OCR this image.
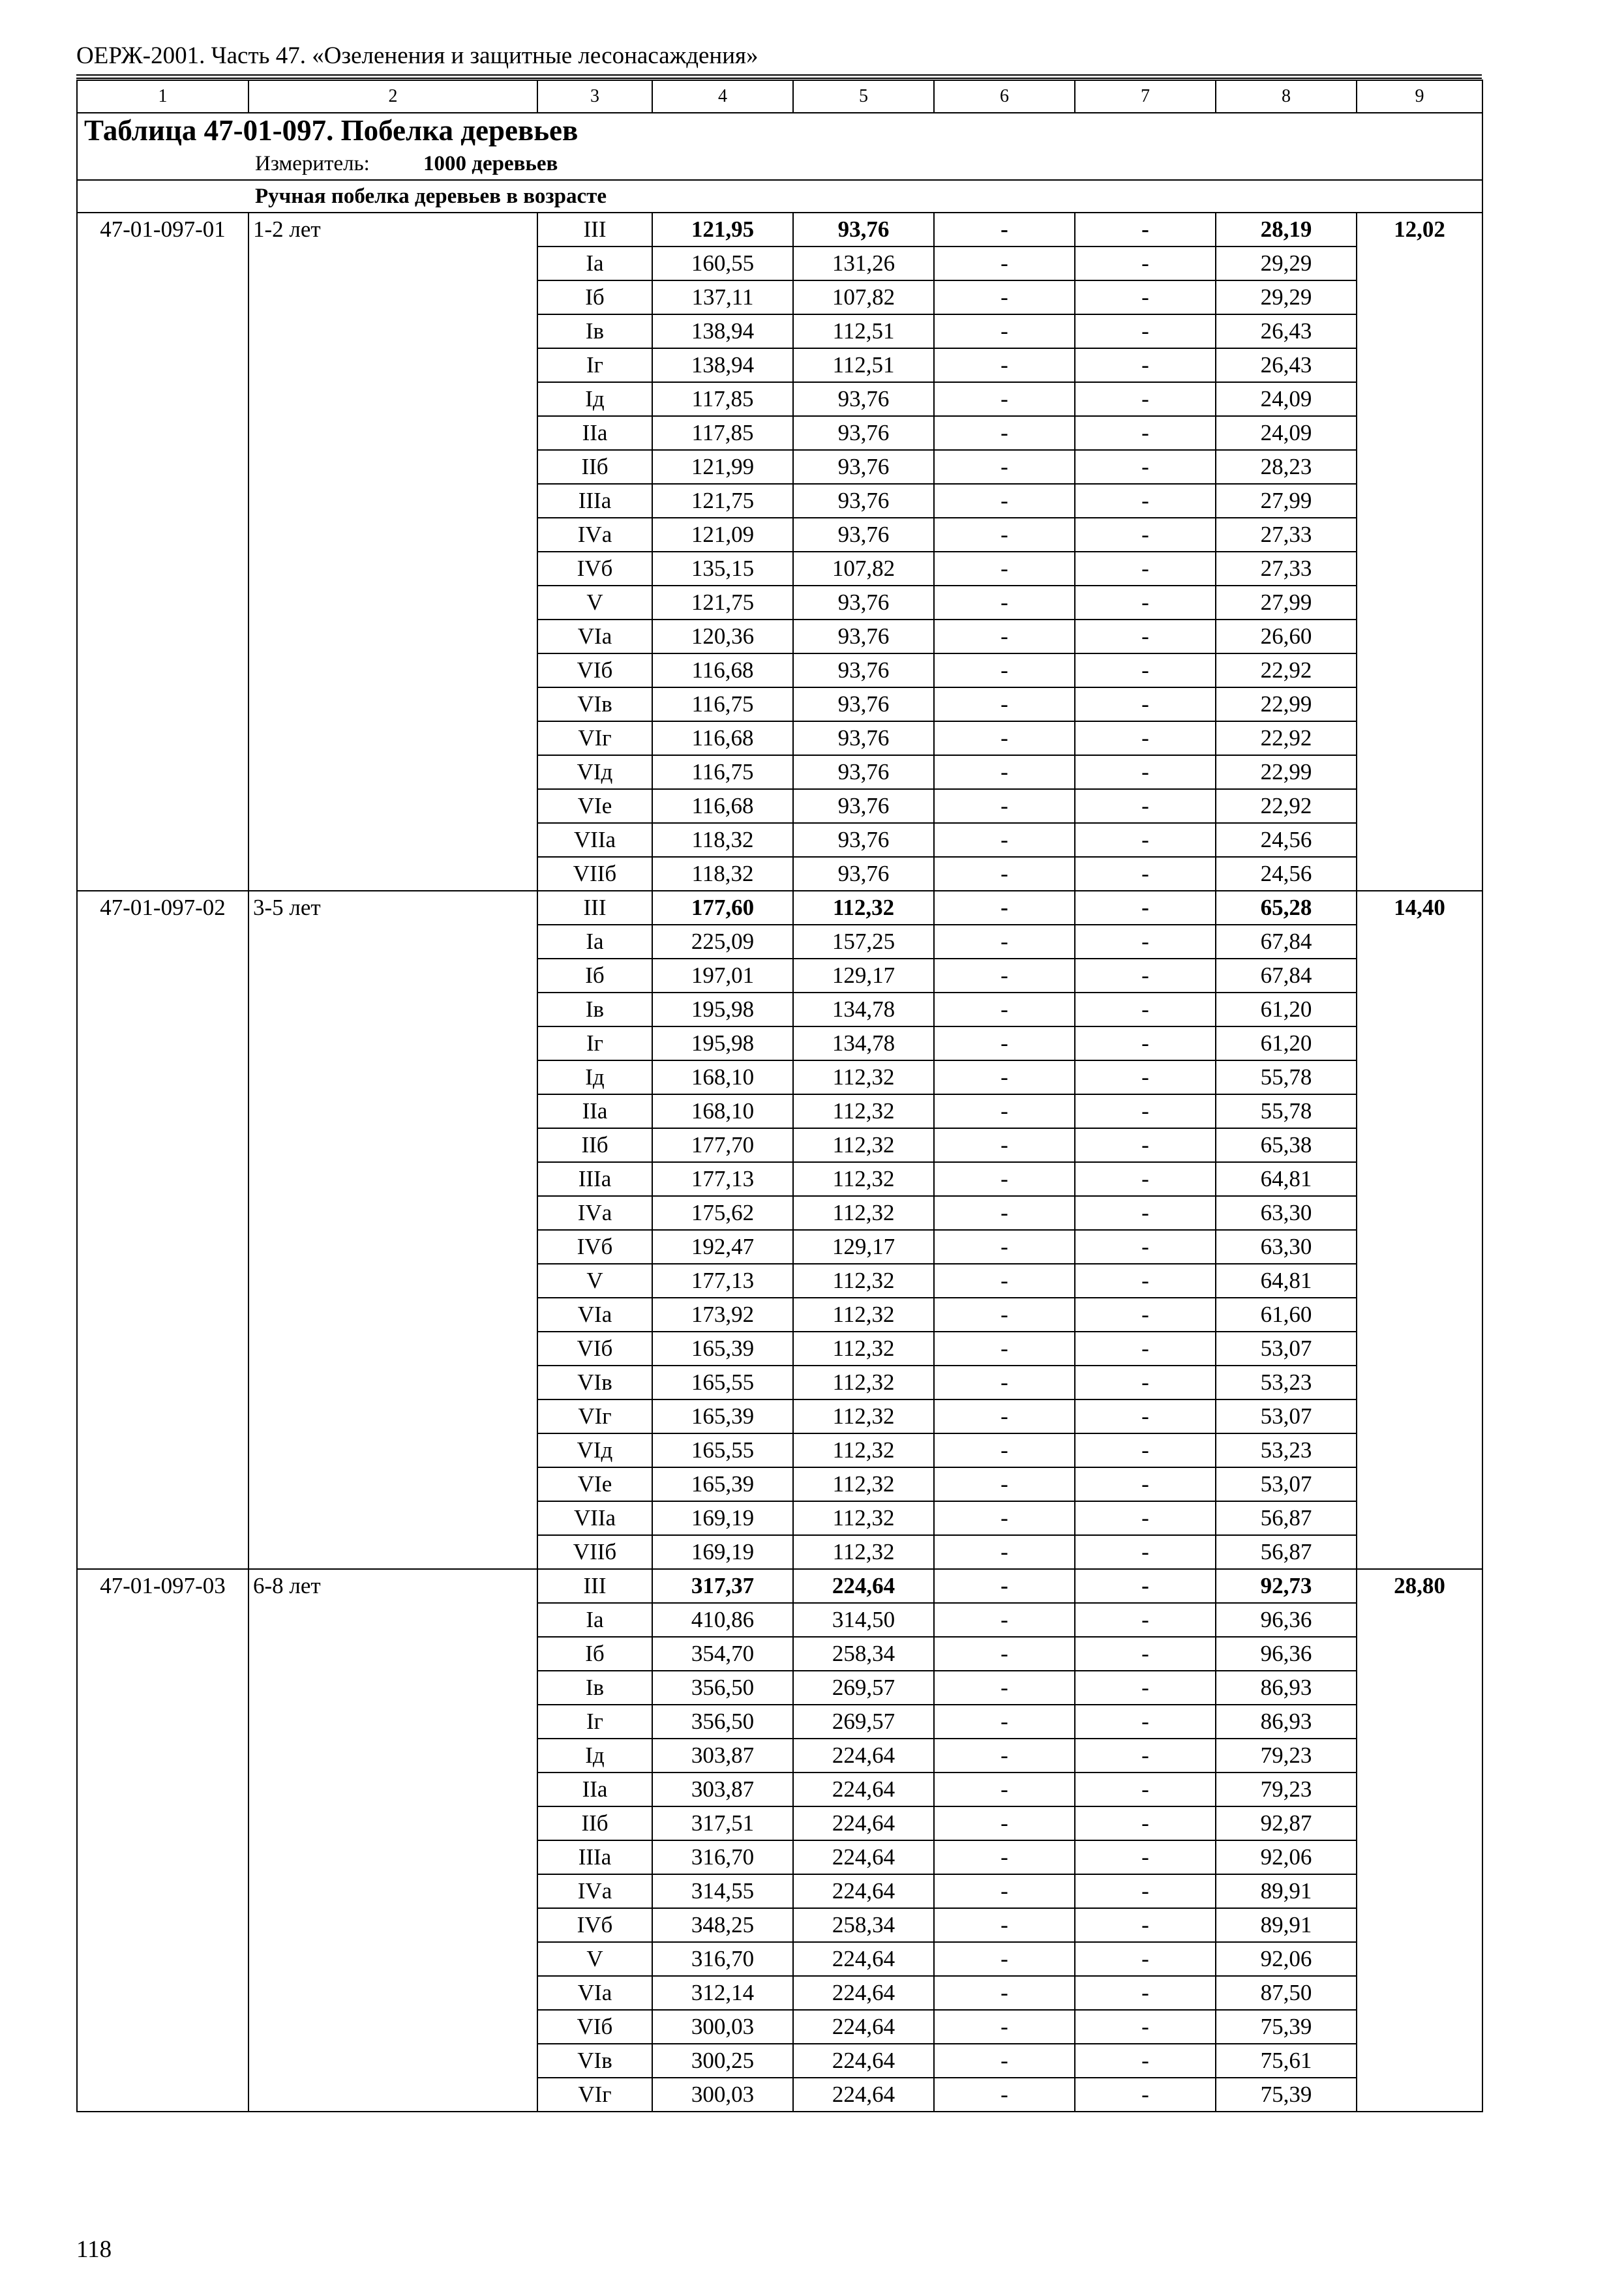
ОЕРЖ-2001. Часть 47. «Озеленения и защитные лесонасаждения»
1	2	3	4	5	6	7	8	9
Таблица 47-01-097. Побелка деревьев								
Измеритель: 1000 деревьев								
Ручная побелка деревьев в возрасте								
47-01-097-01	1-2 лет	III	121,95	93,76	-	-	28,19	12,02
		Iа	160,55	131,26	-	-	29,29	
		Iб	137,11	107,82	-	-	29,29	
		Iв	138,94	112,51	-	-	26,43	
		Iг	138,94	112,51	-	-	26,43	
		Iд	117,85	93,76	-	-	24,09	
		IIа	117,85	93,76	-	-	24,09	
		IIб	121,99	93,76	-	-	28,23	
		IIIа	121,75	93,76	-	-	27,99	
		IVа	121,09	93,76	-	-	27,33	
		IVб	135,15	107,82	-	-	27,33	
		V	121,75	93,76	-	-	27,99	
		VIа	120,36	93,76	-	-	26,60	
		VIб	116,68	93,76	-	-	22,92	
		VIв	116,75	93,76	-	-	22,99	
		VIг	116,68	93,76	-	-	22,92	
		VIд	116,75	93,76	-	-	22,99	
		VIе	116,68	93,76	-	-	22,92	
		VIIа	118,32	93,76	-	-	24,56	
		VIIб	118,32	93,76	-	-	24,56	
47-01-097-02	3-5 лет	III	177,60	112,32	-	-	65,28	14,40
		Iа	225,09	157,25	-	-	67,84	
		Iб	197,01	129,17	-	-	67,84	
		Iв	195,98	134,78	-	-	61,20	
		Iг	195,98	134,78	-	-	61,20	
		Iд	168,10	112,32	-	-	55,78	
		IIа	168,10	112,32	-	-	55,78	
		IIб	177,70	112,32	-	-	65,38	
		IIIа	177,13	112,32	-	-	64,81	
		IVа	175,62	112,32	-	-	63,30	
		IVб	192,47	129,17	-	-	63,30	
		V	177,13	112,32	-	-	64,81	
		VIа	173,92	112,32	-	-	61,60	
		VIб	165,39	112,32	-	-	53,07	
		VIв	165,55	112,32	-	-	53,23	
		VIг	165,39	112,32	-	-	53,07	
		VIд	165,55	112,32	-	-	53,23	
		VIе	165,39	112,32	-	-	53,07	
		VIIа	169,19	112,32	-	-	56,87	
		VIIб	169,19	112,32	-	-	56,87	
47-01-097-03	6-8 лет	III	317,37	224,64	-	-	92,73	28,80
		Iа	410,86	314,50	-	-	96,36	
		Iб	354,70	258,34	-	-	96,36	
		Iв	356,50	269,57	-	-	86,93	
		Iг	356,50	269,57	-	-	86,93	
		Iд	303,87	224,64	-	-	79,23	
		IIа	303,87	224,64	-	-	79,23	
		IIб	317,51	224,64	-	-	92,87	
		IIIа	316,70	224,64	-	-	92,06	
		IVа	314,55	224,64	-	-	89,91	
		IVб	348,25	258,34	-	-	89,91	
		V	316,70	224,64	-	-	92,06	
		VIа	312,14	224,64	-	-	87,50	
		VIб	300,03	224,64	-	-	75,39	
		VIв	300,25	224,64	-	-	75,61	
		VIг	300,03	224,64	-	-	75,39	
118
